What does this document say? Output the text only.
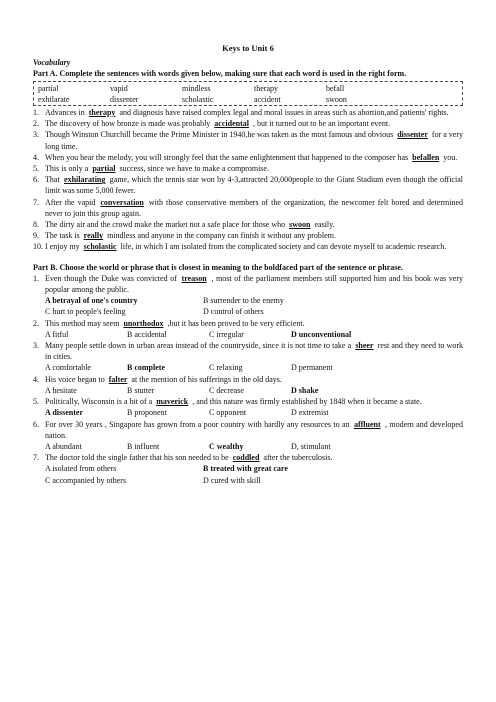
Keys to Unit 6
Vocabulary
Part A. Complete the sentences with words given below, making sure that each word is used in the right form.
partial	vapid	mindless	therapy	befall
exhilarate	dissenter	scholastic	accident	swoon
1. Advances in therapy and diagnosis have raised complex legal and moral issues in areas such as abortion,and patients' rights.
2. The discovery of how bronze is made was probably accidental , but it turned out to be an important event.
3. Though Winston Churchill became the Prime Minister in 1940,he was taken as the most famous and obvious dissenter for a very long time.
4. When you hear the melody, you will strongly feel that the same enlightenment that happened to the composer has befallen you.
5. This is only a partial success, since we have to make a compromise.
6. That exhilarating game, which the tennis star won by 4-3,attracted 20,000people to the Giant Stadium even though the official limit was some 5,000 fewer.
7. After the vapid conversation with those conservative members of the organization, the newcomer felt bored and determined never to join this group again.
8. The dirty air and the crowd make the market not a safe place for those who swoon easily.
9. The task is really mindless and anyone in the company can finish it without any problem.
10. I enjoy my scholastic life, in which I am isolated from the complicated society and can devote myself to academic research.
Part B. Choose the world or phrase that is closest in meaning to the boldfaced part of the sentence or phrase.
1. Even though the Duke was convicted of treason , most of the parliament members still supported him and his book was very popular among the public.
A betrayal of one's country	B surrender to the enemy
C hurt to people's feeling	D control of others
2. This method may seem unorthodox ,but it has been proved to be very efficient.
A fitful	B accidental	C irregular	D unconventional
3. Many people settle down in urban areas instead of the countryside, since it is not time to take a sheer rest and they need to work in cities.
A comfortable	B complete	C relaxing	D permanent
4. His voice began to falter at the mention of his sufferings in the old days.
A hesitate	B stutter	C decrease	D shake
5. Politically, Wisconsin is a bit of a maverick , and this nature was firmly established by 1848 when it became a state.
A dissenter	B proponent	C opponent	D extremist
6. For over 30 years , Singapore has grown from a poor country with hardly any resources to an affluent , modern and developed nation.
A abundant	B influent	C wealthy	D, stimulant
7. The doctor told the single father that his son needed to be coddled after the tuberculosis.
A isolated from others	B treated with great care
C accompanied by others	D cured with skill
